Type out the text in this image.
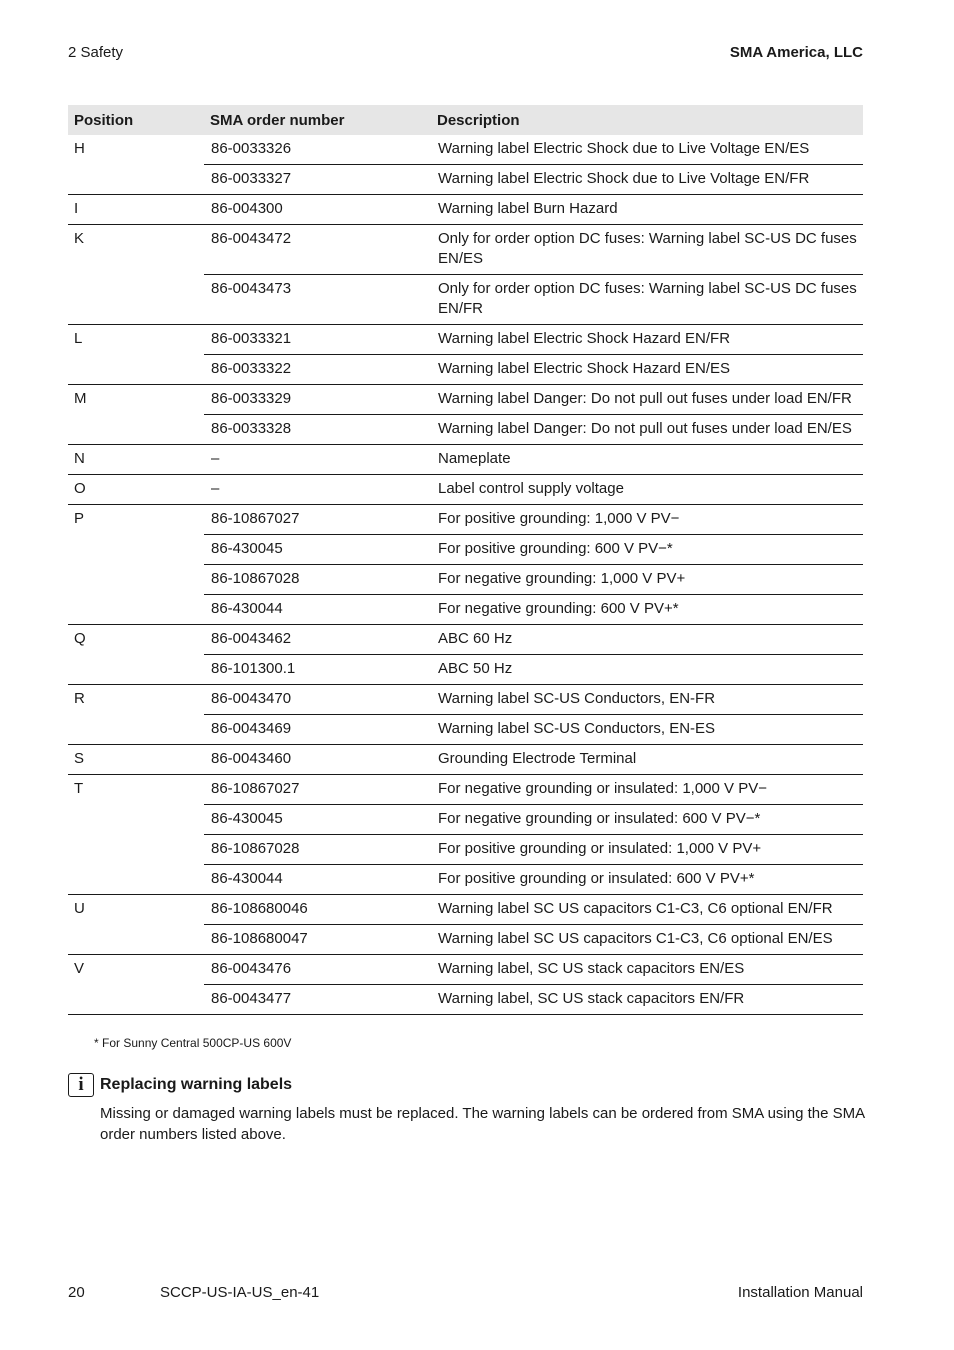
2 Safety	SMA America, LLC
Position	SMA order number	Description
H	86-0033326	Warning label Electric Shock due to Live Voltage EN/ES
	86-0033327	Warning label Electric Shock due to Live Voltage EN/FR
I	86-004300	Warning label Burn Hazard
K	86-0043472	Only for order option DC fuses: Warning label SC-US DC fuses EN/ES
	86-0043473	Only for order option DC fuses: Warning label SC-US DC fuses EN/FR
L	86-0033321	Warning label Electric Shock Hazard EN/FR
	86-0033322	Warning label Electric Shock Hazard EN/ES
M	86-0033329	Warning label Danger: Do not pull out fuses under load EN/FR
	86-0033328	Warning label Danger: Do not pull out fuses under load EN/ES
N	–	Nameplate
O	–	Label control supply voltage
P	86-10867027	For positive grounding: 1,000 V PV−
	86-430045	For positive grounding: 600 V PV−*
	86-10867028	For negative grounding: 1,000 V PV+
	86-430044	For negative grounding: 600 V PV+*
Q	86-0043462	ABC 60 Hz
	86-101300.1	ABC 50 Hz
R	86-0043470	Warning label SC-US Conductors, EN-FR
	86-0043469	Warning label SC-US Conductors, EN-ES
S	86-0043460	Grounding Electrode Terminal
T	86-10867027	For negative grounding or insulated: 1,000 V PV−
	86-430045	For negative grounding or insulated: 600 V PV−*
	86-10867028	For positive grounding or insulated: 1,000 V PV+
	86-430044	For positive grounding or insulated: 600 V PV+*
U	86-108680046	Warning label SC US capacitors C1-C3, C6 optional EN/FR
	86-108680047	Warning label SC US capacitors C1-C3, C6 optional EN/ES
V	86-0043476	Warning label, SC US stack capacitors EN/ES
	86-0043477	Warning label, SC US stack capacitors EN/FR
* For Sunny Central 500CP-US 600V
i	Replacing warning labels
Missing or damaged warning labels must be replaced. The warning labels can be ordered from SMA using the SMA order numbers listed above.
20	SCCP-US-IA-US_en-41	Installation Manual
